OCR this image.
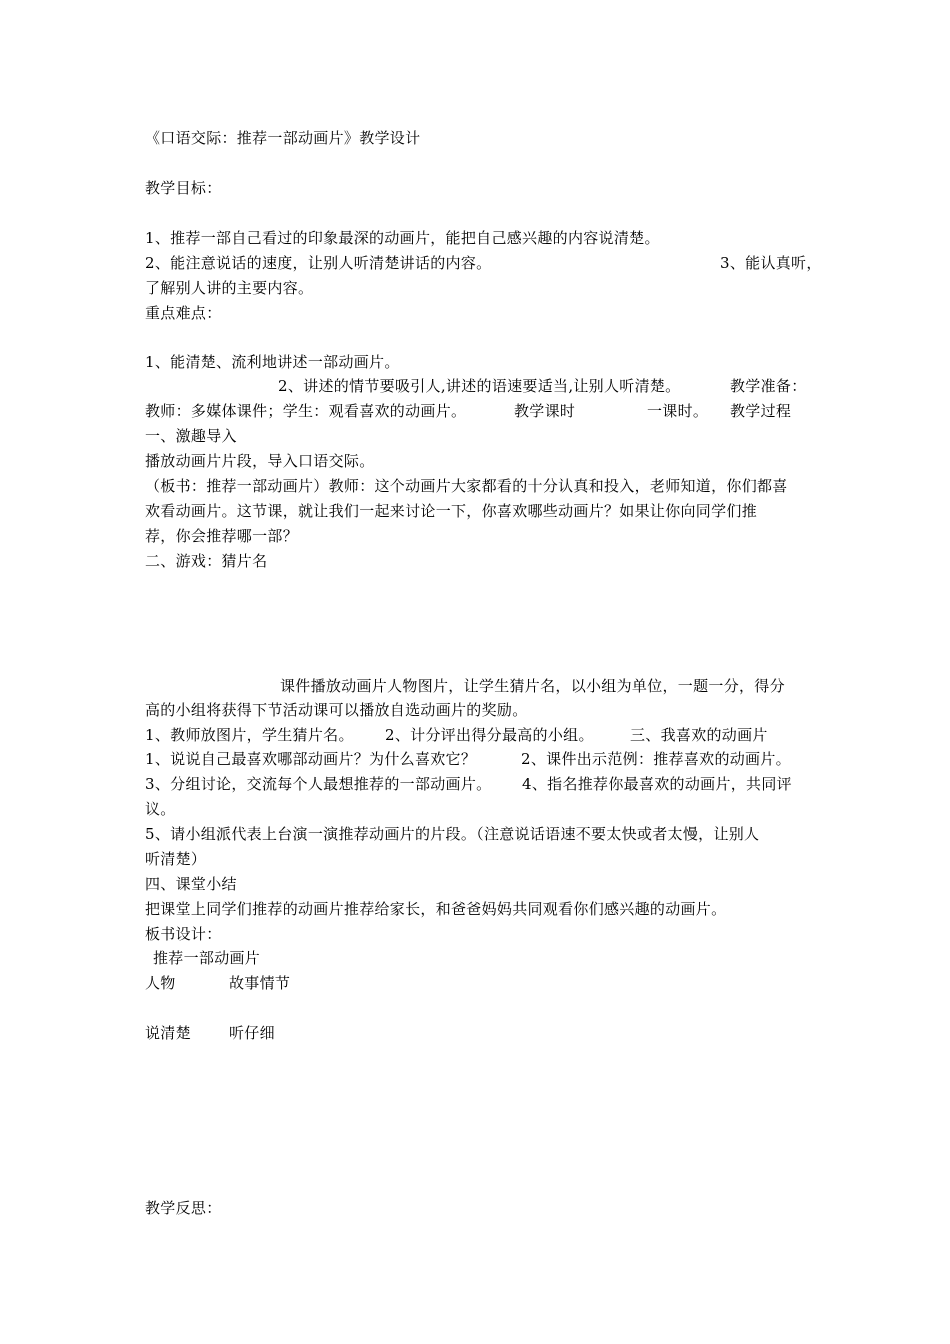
《口语交际：推荐一部动画片》教学设计
教学目标：
1、推荐一部自己看过的印象最深的动画片，能把自己感兴趣的内容说清楚。
2、能注意说话的速度，让别人听清楚讲话的内容。	3、能认真听，
了解别人讲的主要内容。
重点难点：
1、能清楚、流利地讲述一部动画片。
2、讲述的情节要吸引人,讲述的语速要适当,让别人听清楚。	教学准备：
教师：多媒体课件；学生：观看喜欢的动画片。	教学课时	一课时。 教学过程
一、激趣导入
播放动画片片段，导入口语交际。
（板书：推荐一部动画片）教师：这个动画片大家都看的十分认真和投入，老师知道，你们都喜
欢看动画片。这节课，就让我们一起来讨论一下，你喜欢哪些动画片？如果让你向同学们推
荐，你会推荐哪一部？
二、游戏：猜片名
课件播放动画片人物图片，让学生猜片名，以小组为单位，一题一分，得分
高的小组将获得下节活动课可以播放自选动画片的奖励。
1、教师放图片，学生猜片名。 2、计分评出得分最高的小组。 三、我喜欢的动画片
1、说说自己最喜欢哪部动画片？为什么喜欢它？	2、课件出示范例：推荐喜欢的动画片。
3、分组讨论，交流每个人最想推荐的一部动画片。 4、指名推荐你最喜欢的动画片，共同评
议。
5、请小组派代表上台演一演推荐动画片的片段。（注意说话语速不要太快或者太慢，让别人
听清楚）
四、课堂小结
把课堂上同学们推荐的动画片推荐给家长，和爸爸妈妈共同观看你们感兴趣的动画片。
板书设计：
推荐一部动画片
人物	故事情节
说清楚	听仔细
教学反思：
